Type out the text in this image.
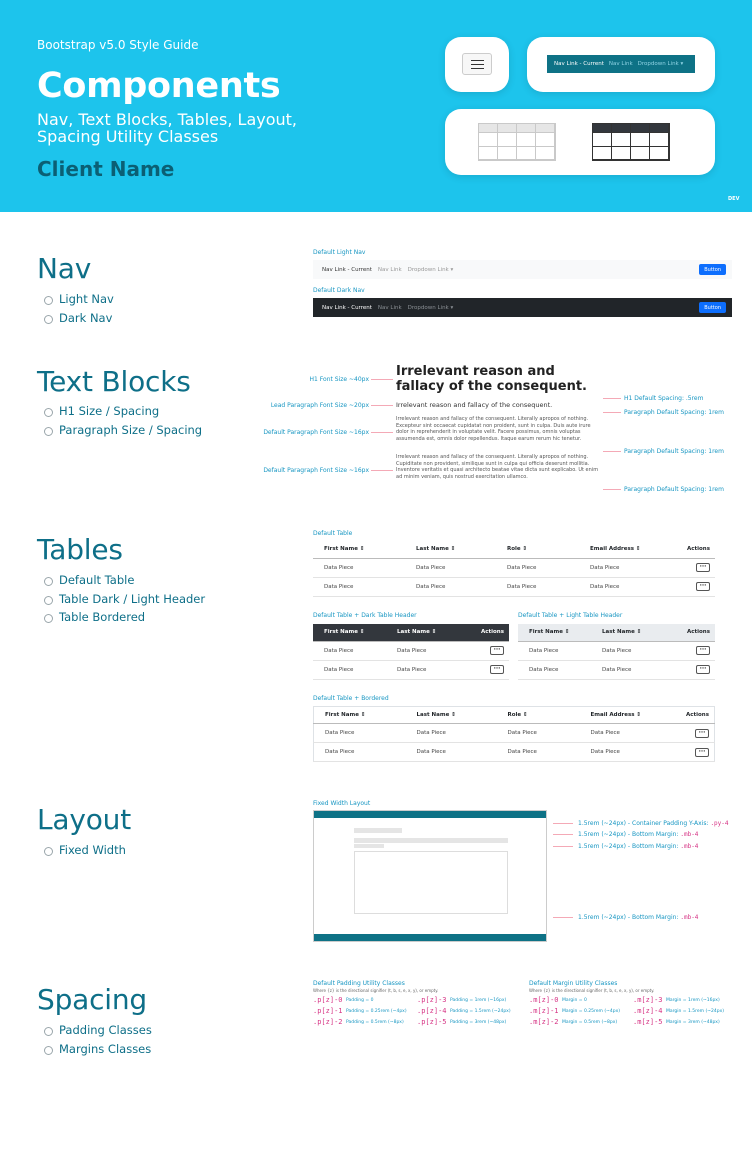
Bootstrap v5.0 Style Guide
Components
Nav, Text Blocks, Tables, Layout, Spacing Utility Classes
Client Name
Nav Link - Current Nav Link Dropdown Link ▾
DEV
Nav
Light Nav
Dark Nav
Default Light Nav
Nav Link - Current Nav Link Dropdown Link ▾	Button
Default Dark Nav
Nav Link - Current Nav Link Dropdown Link ▾	Button
Text Blocks
H1 Size / Spacing
Paragraph Size / Spacing
Irrelevant reason and fallacy of the consequent.
Irrelevant reason and fallacy of the consequent.
Irrelevant reason and fallacy of the consequent. Literally apropos of nothing. Excepteur sint occaecat cupidatat non proident, sunt in culpa. Duis aute irure dolor in reprehenderit in voluptate velit. Facere possimus, omnis voluptas assumenda est, omnis dolor repellendus. Itaque earum rerum hic tenetur.
Irrelevant reason and fallacy of the consequent. Literally apropos of nothing. Cupiditate non provident, similique sunt in culpa qui officia deserunt mollitia. Inventore veritatis et quasi architecto beatae vitae dicta sunt explicabo. Ut enim ad minim veniam, quis nostrud exercitation ullamco.
H1 Font Size ~40px
Lead Paragraph Font Size ~20px
Default Paragraph Font Size ~16px
Default Paragraph Font Size ~16px
H1 Default Spacing: .5rem
Paragraph Default Spacing: 1rem
Paragraph Default Spacing: 1rem
Paragraph Default Spacing: 1rem
Tables
Default Table
Table Dark / Light Header
Table Bordered
Default Table
First Name ⇕	Last Name ⇕	Role ⇕	Email Address ⇕	Actions
Data Piece	Data Piece	Data Piece	Data Piece	···
Data Piece	Data Piece	Data Piece	Data Piece	···
Default Table + Dark Table Header
First Name ⇕	Last Name ⇕	Actions
Data Piece	Data Piece	···
Data Piece	Data Piece	···
Default Table + Light Table Header
First Name ⇕	Last Name ⇕	Actions
Data Piece	Data Piece	···
Data Piece	Data Piece	···
Default Table + Bordered
First Name ⇕	Last Name ⇕	Role ⇕	Email Address ⇕	Actions
Data Piece	Data Piece	Data Piece	Data Piece	···
Data Piece	Data Piece	Data Piece	Data Piece	···
Layout
Fixed Width
Fixed Width Layout
1.5rem (~24px) - Container Padding Y-Axis: .py-4
1.5rem (~24px) - Bottom Margin: .mb-4
1.5rem (~24px) - Bottom Margin: .mb-4
1.5rem (~24px) - Bottom Margin: .mb-4
Spacing
Padding Classes
Margins Classes
Default Padding Utility Classes
Where {z} is the directional signifier (t, b, s, e, x, y), or empty.
.p[z]-0 Padding = 0
.p[z]-1 Padding = 0.25rem (~4px)
.p[z]-2 Padding = 0.5rem (~8px)
.p[z]-3 Padding = 1rem (~16px)
.p[z]-4 Padding = 1.5rem (~24px)
.p[z]-5 Padding = 3rem (~48px)
Default Margin Utility Classes
Where {z} is the directional signifier (t, b, s, e, x, y), or empty.
.m[z]-0 Margin = 0
.m[z]-1 Margin = 0.25rem (~4px)
.m[z]-2 Margin = 0.5rem (~8px)
.m[z]-3 Margin = 1rem (~16px)
.m[z]-4 Margin = 1.5rem (~24px)
.m[z]-5 Margin = 3rem (~48px)
